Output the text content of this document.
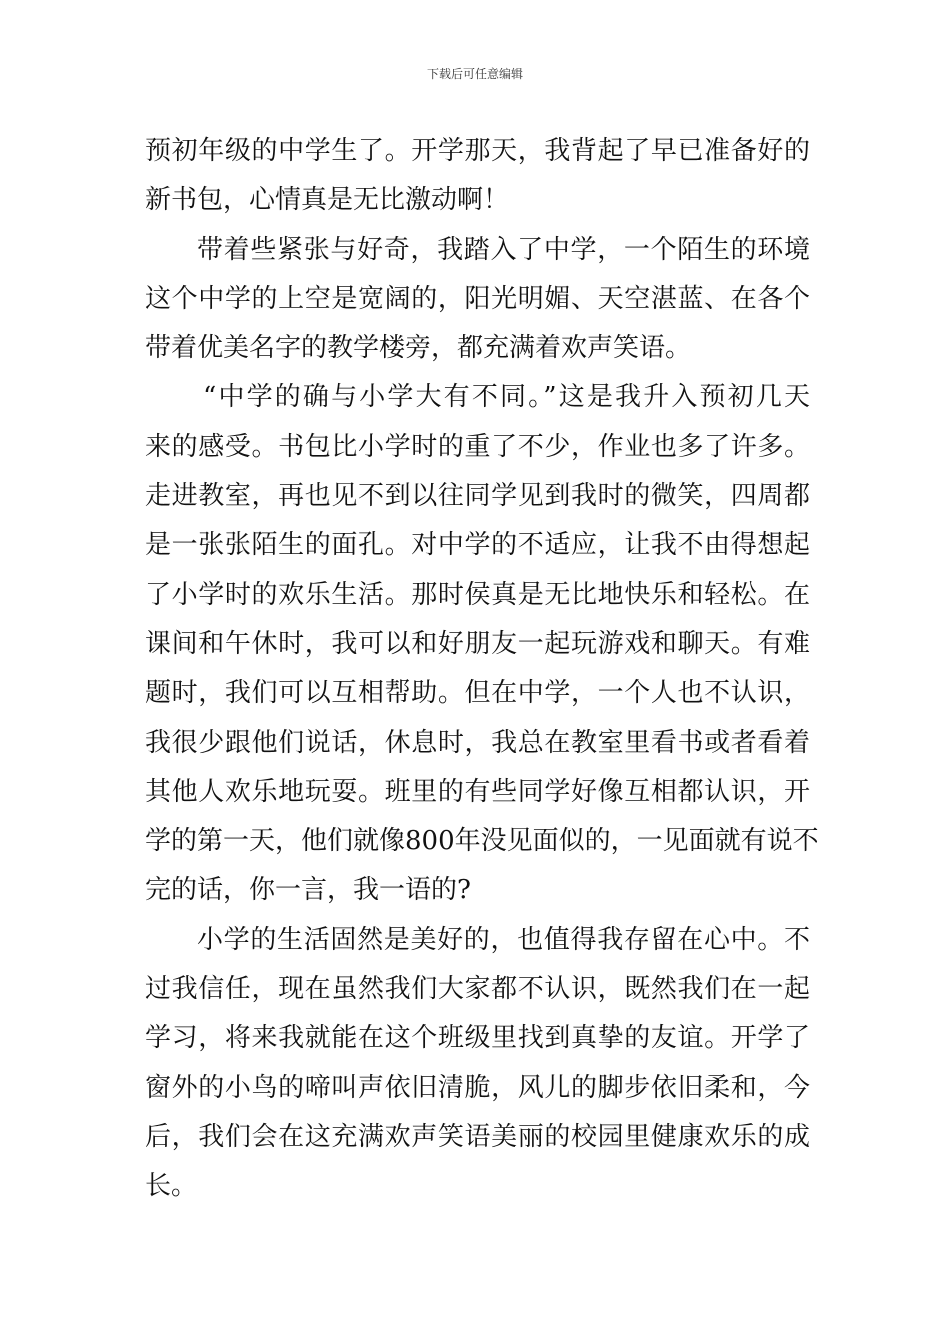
下载后可任意编辑
预初年级的中学生了。开学那天，我背起了早已准备好的
新书包，心情真是无比激动啊！
带着些紧张与好奇，我踏入了中学，一个陌生的环境
这个中学的上空是宽阔的，阳光明媚、天空湛蓝、在各个
带着优美名字的教学楼旁，都充满着欢声笑语。
“中学的确与小学大有不同。”这是我升入预初几天
来的感受。书包比小学时的重了不少，作业也多了许多。
走进教室，再也见不到以往同学见到我时的微笑，四周都
是一张张陌生的面孔。对中学的不适应，让我不由得想起
了小学时的欢乐生活。那时侯真是无比地快乐和轻松。在
课间和午休时，我可以和好朋友一起玩游戏和聊天。有难
题时，我们可以互相帮助。但在中学，一个人也不认识，
我很少跟他们说话，休息时，我总在教室里看书或者看着
其他人欢乐地玩耍。班里的有些同学好像互相都认识，开
学的第一天，他们就像800年没见面似的，一见面就有说不
完的话，你一言，我一语的?
小学的生活固然是美好的，也值得我存留在心中。不
过我信任，现在虽然我们大家都不认识，既然我们在一起
学习，将来我就能在这个班级里找到真挚的友谊。开学了
窗外的小鸟的啼叫声依旧清脆，风儿的脚步依旧柔和，今
后，我们会在这充满欢声笑语美丽的校园里健康欢乐的成
长。
